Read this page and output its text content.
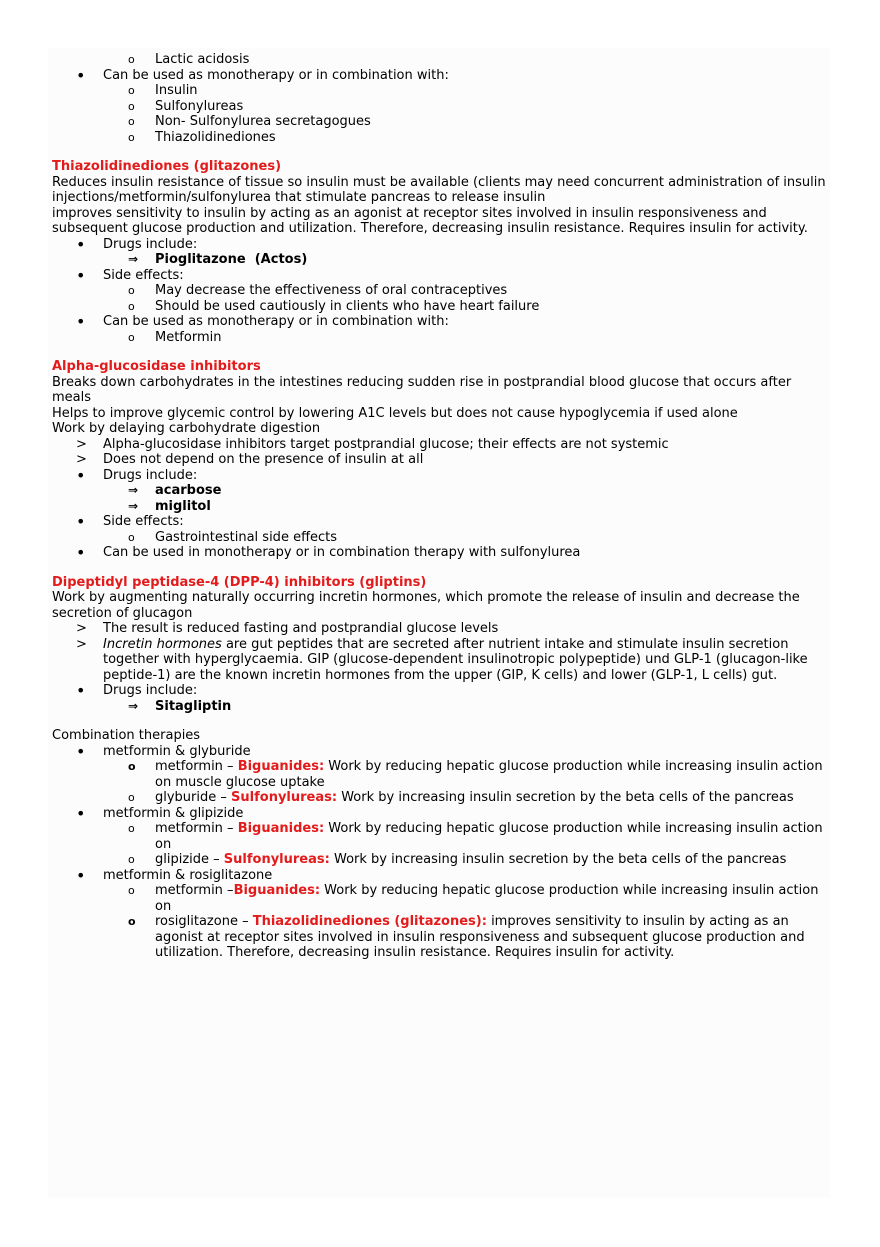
o Lactic acidosis
• Can be used as monotherapy or in combination with:
o Insulin
o Sulfonylureas
o Non- Sulfonylurea secretagogues
o Thiazolidinediones
Thiazolidinediones (glitazones)
Reduces insulin resistance of tissue so insulin must be available (clients may need concurrent administration of insulin injections/metformin/sulfonylurea that stimulate pancreas to release insulin
improves sensitivity to insulin by acting as an agonist at receptor sites involved in insulin responsiveness and subsequent glucose production and utilization. Therefore, decreasing insulin resistance. Requires insulin for activity.
• Drugs include:
⇒ Pioglitazone  (Actos)
• Side effects:
o May decrease the effectiveness of oral contraceptives
o Should be used cautiously in clients who have heart failure
• Can be used as monotherapy or in combination with:
o Metformin
Alpha-glucosidase inhibitors
Breaks down carbohydrates in the intestines reducing sudden rise in postprandial blood glucose that occurs after meals
Helps to improve glycemic control by lowering A1C levels but does not cause hypoglycemia if used alone
Work by delaying carbohydrate digestion
> Alpha-glucosidase inhibitors target postprandial glucose; their effects are not systemic
> Does not depend on the presence of insulin at all
• Drugs include:
⇒ acarbose
⇒ miglitol
• Side effects:
o Gastrointestinal side effects
• Can be used in monotherapy or in combination therapy with sulfonylurea
Dipeptidyl peptidase-4 (DPP-4) inhibitors (gliptins)
Work by augmenting naturally occurring incretin hormones, which promote the release of insulin and decrease the secretion of glucagon
> The result is reduced fasting and postprandial glucose levels
> Incretin hormones are gut peptides that are secreted after nutrient intake and stimulate insulin secretion together with hyperglycaemia. GIP (glucose-dependent insulinotropic polypeptide) und GLP-1 (glucagon-like peptide-1) are the known incretin hormones from the upper (GIP, K cells) and lower (GLP-1, L cells) gut.
• Drugs include:
⇒ Sitagliptin
Combination therapies
• metformin & glyburide
o metformin – Biguanides: Work by reducing hepatic glucose production while increasing insulin action on muscle glucose uptake
o glyburide – Sulfonylureas: Work by increasing insulin secretion by the beta cells of the pancreas
• metformin & glipizide
o metformin – Biguanides: Work by reducing hepatic glucose production while increasing insulin action on
o glipizide – Sulfonylureas: Work by increasing insulin secretion by the beta cells of the pancreas
• metformin & rosiglitazone
o metformin –Biguanides: Work by reducing hepatic glucose production while increasing insulin action on
o rosiglitazone – Thiazolidinediones (glitazones): improves sensitivity to insulin by acting as an agonist at receptor sites involved in insulin responsiveness and subsequent glucose production and utilization. Therefore, decreasing insulin resistance. Requires insulin for activity.
